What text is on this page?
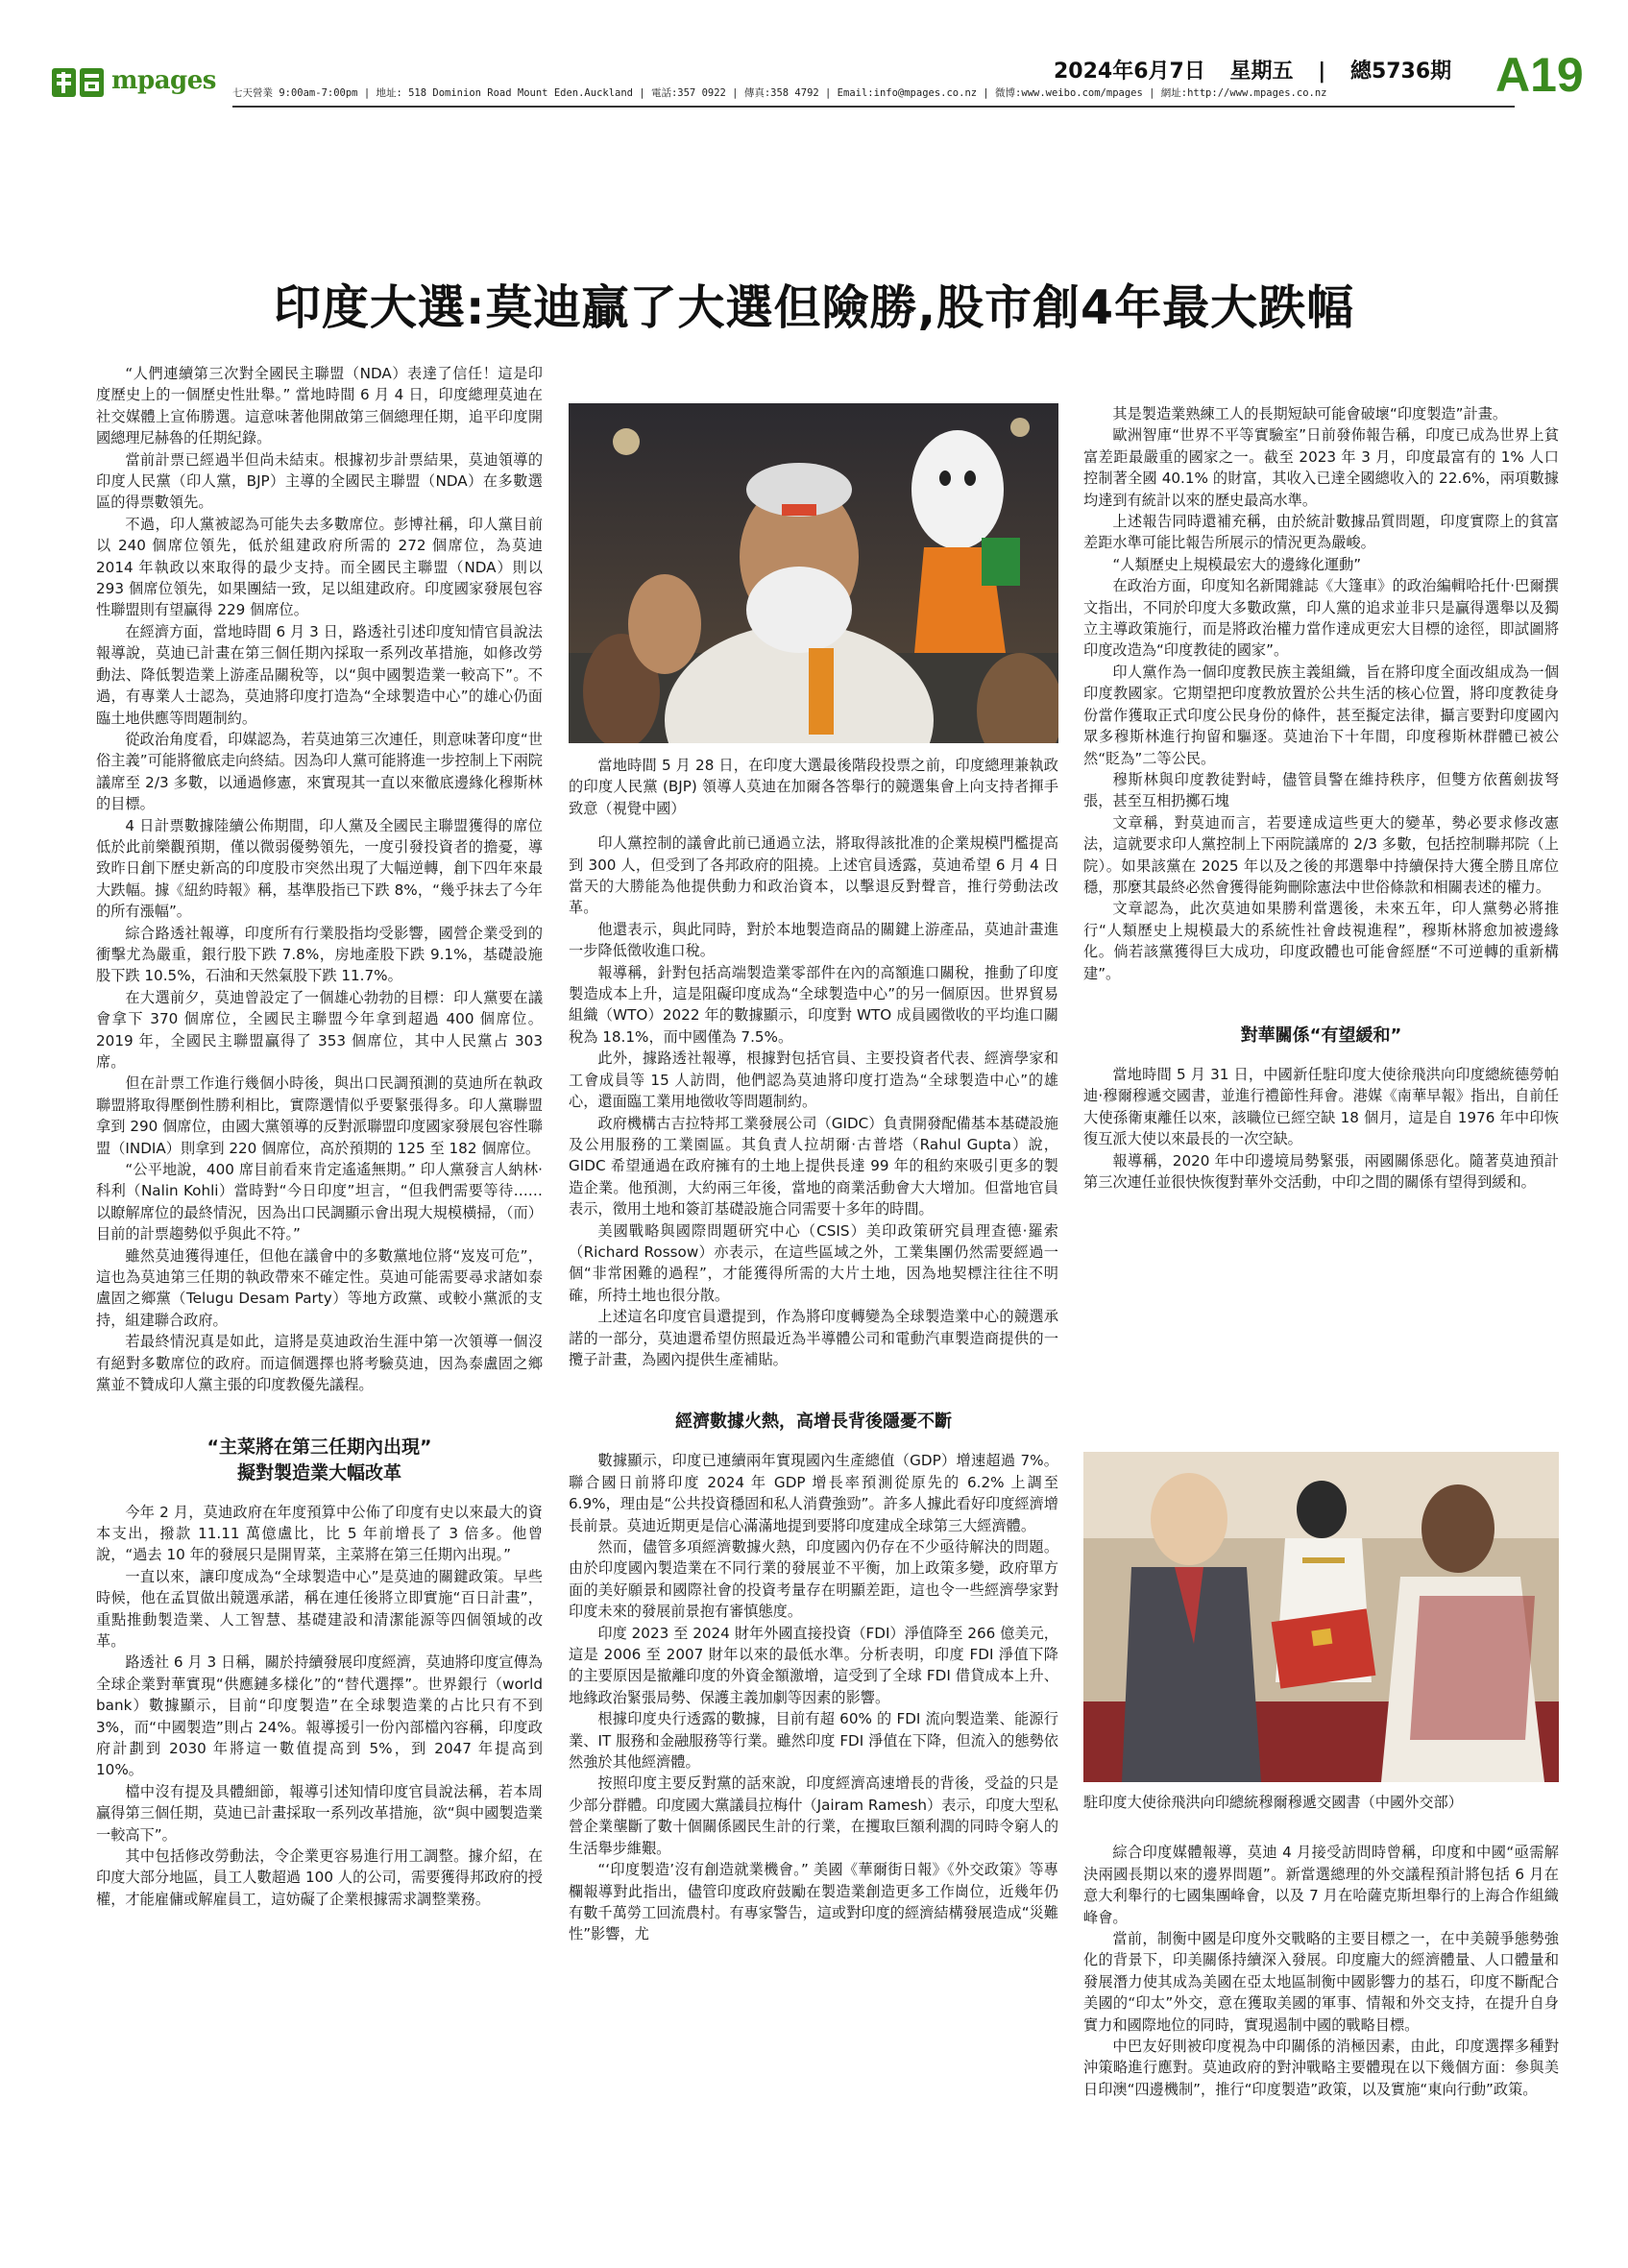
mpages 七天營業 9:00am-7:00pm | 地址: 518 Dominion Road Mount Eden.Auckland | 電話:357 0922 | 傳真:358 4792 | Email:info@mpages.co.nz | 微博:www.weibo.com/mpages | 網址:http://www.mpages.co.nz
2024年6月7日 星期五 | 總5736期 A19
印度大選:莫迪贏了大選但險勝,股市創4年最大跌幅

“人們連續第三次對全國民主聯盟（NDA）表達了信任！這是印度歷史上的一個歷史性壯舉。” 當地時間 6 月 4 日，印度總理莫迪在社交媒體上宣佈勝選。這意味著他開啟第三個總理任期，追平印度開國總理尼赫魯的任期紀錄。

當前計票已經過半但尚未結束。根據初步計票結果，莫迪領導的印度人民黨（印人黨，BJP）主導的全國民主聯盟（NDA）在多數選區的得票數領先。

不過，印人黨被認為可能失去多數席位。彭博社稱，印人黨目前以 240 個席位領先，低於組建政府所需的 272 個席位，為莫迪 2014 年執政以來取得的最少支持。而全國民主聯盟（NDA）則以 293 個席位領先，如果團結一致，足以組建政府。印度國家發展包容性聯盟則有望贏得 229 個席位。

在經濟方面，當地時間 6 月 3 日，路透社引述印度知情官員說法報導說，莫迪已計畫在第三個任期內採取一系列改革措施，如修改勞動法、降低製造業上游產品關稅等，以“與中國製造業一較高下”。不過，有專業人士認為，莫迪將印度打造為“全球製造中心”的雄心仍面臨土地供應等問題制約。

從政治角度看，印媒認為，若莫迪第三次連任，則意味著印度“世俗主義”可能將徹底走向終結。因為印人黨可能將進一步控制上下兩院議席至 2/3 多數，以通過修憲，來實現其一直以來徹底邊緣化穆斯林的目標。

4 日計票數據陸續公佈期間，印人黨及全國民主聯盟獲得的席位低於此前樂觀預期，僅以微弱優勢領先，一度引發投資者的擔憂，導致昨日創下歷史新高的印度股市突然出現了大幅逆轉，創下四年來最大跌幅。據《紐約時報》稱，基準股指已下跌 8%，“幾乎抹去了今年的所有漲幅”。

綜合路透社報導，印度所有行業股指均受影響，國營企業受到的衝擊尤為嚴重，銀行股下跌 7.8%，房地產股下跌 9.1%，基礎設施股下跌 10.5%，石油和天然氣股下跌 11.7%。

在大選前夕，莫迪曾設定了一個雄心勃勃的目標：印人黨要在議會拿下 370 個席位，全國民主聯盟今年拿到超過 400 個席位。2019 年，全國民主聯盟贏得了 353 個席位，其中人民黨占 303 席。

但在計票工作進行幾個小時後，與出口民調預測的莫迪所在執政聯盟將取得壓倒性勝利相比，實際選情似乎要緊張得多。印人黨聯盟拿到 290 個席位，由國大黨領導的反對派聯盟印度國家發展包容性聯盟（INDIA）則拿到 220 個席位，高於預期的 125 至 182 個席位。

“公平地說，400 席目前看來肯定遙遙無期。” 印人黨發言人納林·科利（Nalin Kohli）當時對“今日印度”坦言，“但我們需要等待……以瞭解席位的最終情況，因為出口民調顯示會出現大規模橫掃，（而）目前的計票趨勢似乎與此不符。”

雖然莫迪獲得連任，但他在議會中的多數黨地位將“岌岌可危”，這也為莫迪第三任期的執政帶來不確定性。莫迪可能需要尋求諸如泰盧固之鄉黨（Telugu Desam Party）等地方政黨、或較小黨派的支持，組建聯合政府。

若最終情況真是如此，這將是莫迪政治生涯中第一次領導一個沒有絕對多數席位的政府。而這個選擇也將考驗莫迪，因為泰盧固之鄉黨並不贊成印人黨主張的印度教優先議程。

“主菜將在第三任期內出現”
擬對製造業大幅改革

今年 2 月，莫迪政府在年度預算中公佈了印度有史以來最大的資本支出，撥款 11.11 萬億盧比，比 5 年前增長了 3 倍多。他曾說，“過去 10 年的發展只是開胃菜，主菜將在第三任期內出現。”

一直以來，讓印度成為“全球製造中心”是莫迪的關鍵政策。早些時候，他在孟買做出競選承諾，稱在連任後將立即實施“百日計畫”，重點推動製造業、人工智慧、基礎建設和清潔能源等四個領域的改革。

路透社 6 月 3 日稱，關於持續發展印度經濟，莫迪將印度宣傳為全球企業對華實現“供應鏈多樣化”的“替代選擇”。世界銀行（world bank）數據顯示，目前“印度製造”在全球製造業的占比只有不到 3%，而“中國製造”則占 24%。報導援引一份內部檔內容稱，印度政府計劃到 2030 年將這一數值提高到 5%，到 2047 年提高到 10%。

檔中沒有提及具體細節，報導引述知情印度官員說法稱，若本周贏得第三個任期，莫迪已計畫採取一系列改革措施，欲“與中國製造業一較高下”。

其中包括修改勞動法，令企業更容易進行用工調整。據介紹，在印度大部分地區，員工人數超過 100 人的公司，需要獲得邦政府的授權，才能雇傭或解雇員工，這妨礙了企業根據需求調整業務。

當地時間 5 月 28 日，在印度大選最後階段投票之前，印度總理兼執政的印度人民黨 (BJP) 領導人莫迪在加爾各答舉行的競選集會上向支持者揮手致意（視覺中國）

印人黨控制的議會此前已通過立法，將取得該批准的企業規模門檻提高到 300 人，但受到了各邦政府的阻撓。上述官員透露，莫迪希望 6 月 4 日當天的大勝能為他提供動力和政治資本，以擊退反對聲音，推行勞動法改革。

他還表示，與此同時，對於本地製造商品的關鍵上游產品，莫迪計畫進一步降低徵收進口稅。

報導稱，針對包括高端製造業零部件在內的高額進口關稅，推動了印度製造成本上升，這是阻礙印度成為“全球製造中心”的另一個原因。世界貿易組織（WTO）2022 年的數據顯示，印度對 WTO 成員國徵收的平均進口關稅為 18.1%，而中國僅為 7.5%。

此外，據路透社報導，根據對包括官員、主要投資者代表、經濟學家和工會成員等 15 人訪問，他們認為莫迪將印度打造為“全球製造中心”的雄心，還面臨工業用地徵收等問題制約。

政府機構古吉拉特邦工業發展公司（GIDC）負責開發配備基本基礎設施及公用服務的工業園區。其負責人拉胡爾·古普塔（Rahul Gupta）說，GIDC 希望通過在政府擁有的土地上提供長達 99 年的租約來吸引更多的製造企業。他預測，大約兩三年後，當地的商業活動會大大增加。但當地官員表示，徵用土地和簽訂基礎設施合同需要十多年的時間。

美國戰略與國際問題研究中心（CSIS）美印政策研究員理查德·羅索（Richard Rossow）亦表示，在這些區域之外，工業集團仍然需要經過一個“非常困難的過程”，才能獲得所需的大片土地，因為地契標注往往不明確，所持土地也很分散。

上述這名印度官員還提到，作為將印度轉變為全球製造業中心的競選承諾的一部分，莫迪還希望仿照最近為半導體公司和電動汽車製造商提供的一攬子計畫，為國內提供生產補貼。

經濟數據火熱，高增長背後隱憂不斷

數據顯示，印度已連續兩年實現國內生產總值（GDP）增速超過 7%。聯合國日前將印度 2024 年 GDP 增長率預測從原先的 6.2% 上調至 6.9%，理由是“公共投資穩固和私人消費強勁”。許多人據此看好印度經濟增長前景。莫迪近期更是信心滿滿地提到要將印度建成全球第三大經濟體。

然而，儘管多項經濟數據火熱，印度國內仍存在不少亟待解決的問題。由於印度國內製造業在不同行業的發展並不平衡，加上政策多變，政府單方面的美好願景和國際社會的投資考量存在明顯差距，這也令一些經濟學家對印度未來的發展前景抱有審慎態度。

印度 2023 至 2024 財年外國直接投資（FDI）淨值降至 266 億美元，這是 2006 至 2007 財年以來的最低水準。分析表明，印度 FDI 淨值下降的主要原因是撤離印度的外資金額激增，這受到了全球 FDI 借貸成本上升、地緣政治緊張局勢、保護主義加劇等因素的影響。

根據印度央行透露的數據，目前有超 60% 的 FDI 流向製造業、能源行業、IT 服務和金融服務等行業。雖然印度 FDI 淨值在下降，但流入的態勢依然強於其他經濟體。

按照印度主要反對黨的話來說，印度經濟高速增長的背後，受益的只是少部分群體。印度國大黨議員拉梅什（Jairam Ramesh）表示，印度大型私營企業壟斷了數十個關係國民生計的行業，在攫取巨額利潤的同時令窮人的生活舉步維艱。

“‘印度製造’沒有創造就業機會。” 美國《華爾街日報》《外交政策》等專欄報導對此指出，儘管印度政府鼓勵在製造業創造更多工作崗位，近幾年仍有數千萬勞工回流農村。有專家警告，這或對印度的經濟結構發展造成“災難性”影響，尤

其是製造業熟練工人的長期短缺可能會破壞“印度製造”計畫。

歐洲智庫“世界不平等實驗室”日前發佈報告稱，印度已成為世界上貧富差距最嚴重的國家之一。截至 2023 年 3 月，印度最富有的 1% 人口控制著全國 40.1% 的財富，其收入已達全國總收入的 22.6%，兩項數據均達到有統計以來的歷史最高水準。

上述報告同時還補充稱，由於統計數據品質問題，印度實際上的貧富差距水準可能比報告所展示的情況更為嚴峻。

“人類歷史上規模最宏大的邊緣化運動”

在政治方面，印度知名新聞雜誌《大篷車》的政治編輯哈托什·巴爾撰文指出，不同於印度大多數政黨，印人黨的追求並非只是贏得選舉以及獨立主導政策施行，而是將政治權力當作達成更宏大目標的途徑，即試圖將印度改造為“印度教徒的國家”。

印人黨作為一個印度教民族主義組織，旨在將印度全面改組成為一個印度教國家。它期望把印度教放置於公共生活的核心位置，將印度教徒身份當作獲取正式印度公民身份的條件，甚至擬定法律，攝言要對印度國內眾多穆斯林進行拘留和驅逐。莫迪治下十年間，印度穆斯林群體已被公然“貶為”二等公民。

穆斯林與印度教徒對峙，儘管員警在維持秩序，但雙方依舊劍拔弩張，甚至互相扔擲石塊

文章稱，對莫迪而言，若要達成這些更大的變革，勢必要求修改憲法，這就要求印人黨控制上下兩院議席的 2/3 多數，包括控制聯邦院（上院）。如果該黨在 2025 年以及之後的邦選舉中持續保持大獲全勝且席位穩，那麼其最終必然會獲得能夠刪除憲法中世俗條款和相關表述的權力。

文章認為，此次莫迪如果勝利當選後，未來五年，印人黨勢必將推行“人類歷史上規模最大的系統性社會歧視進程”，穆斯林將愈加被邊緣化。倘若該黨獲得巨大成功，印度政體也可能會經歷“不可逆轉的重新構建”。

對華關係“有望緩和”

當地時間 5 月 31 日，中國新任駐印度大使徐飛洪向印度總統德勞帕迪·穆爾穆遞交國書，並進行禮節性拜會。港媒《南華早報》指出，自前任大使孫衛東離任以來，該職位已經空缺 18 個月，這是自 1976 年中印恢復互派大使以來最長的一次空缺。

報導稱，2020 年中印邊境局勢緊張，兩國關係惡化。隨著莫迪預計第三次連任並很快恢復對華外交活動，中印之間的關係有望得到緩和。

駐印度大使徐飛洪向印總統穆爾穆遞交國書（中國外交部）

綜合印度媒體報導，莫迪 4 月接受訪問時曾稱，印度和中國“亟需解決兩國長期以來的邊界問題”。新當選總理的外交議程預計將包括 6 月在意大利舉行的七國集團峰會，以及 7 月在哈薩克斯坦舉行的上海合作組織峰會。

當前，制衡中國是印度外交戰略的主要目標之一，在中美競爭態勢強化的背景下，印美關係持續深入發展。印度龐大的經濟體量、人口體量和發展潛力使其成為美國在亞太地區制衡中國影響力的基石，印度不斷配合美國的“印太”外交，意在獲取美國的軍事、情報和外交支持，在提升自身實力和國際地位的同時，實現遏制中國的戰略目標。

中巴友好則被印度視為中印關係的消極因素，由此，印度選擇多種對沖策略進行應對。莫迪政府的對沖戰略主要體現在以下幾個方面：參與美日印澳“四邊機制”，推行“印度製造”政策，以及實施“東向行動”政策。
